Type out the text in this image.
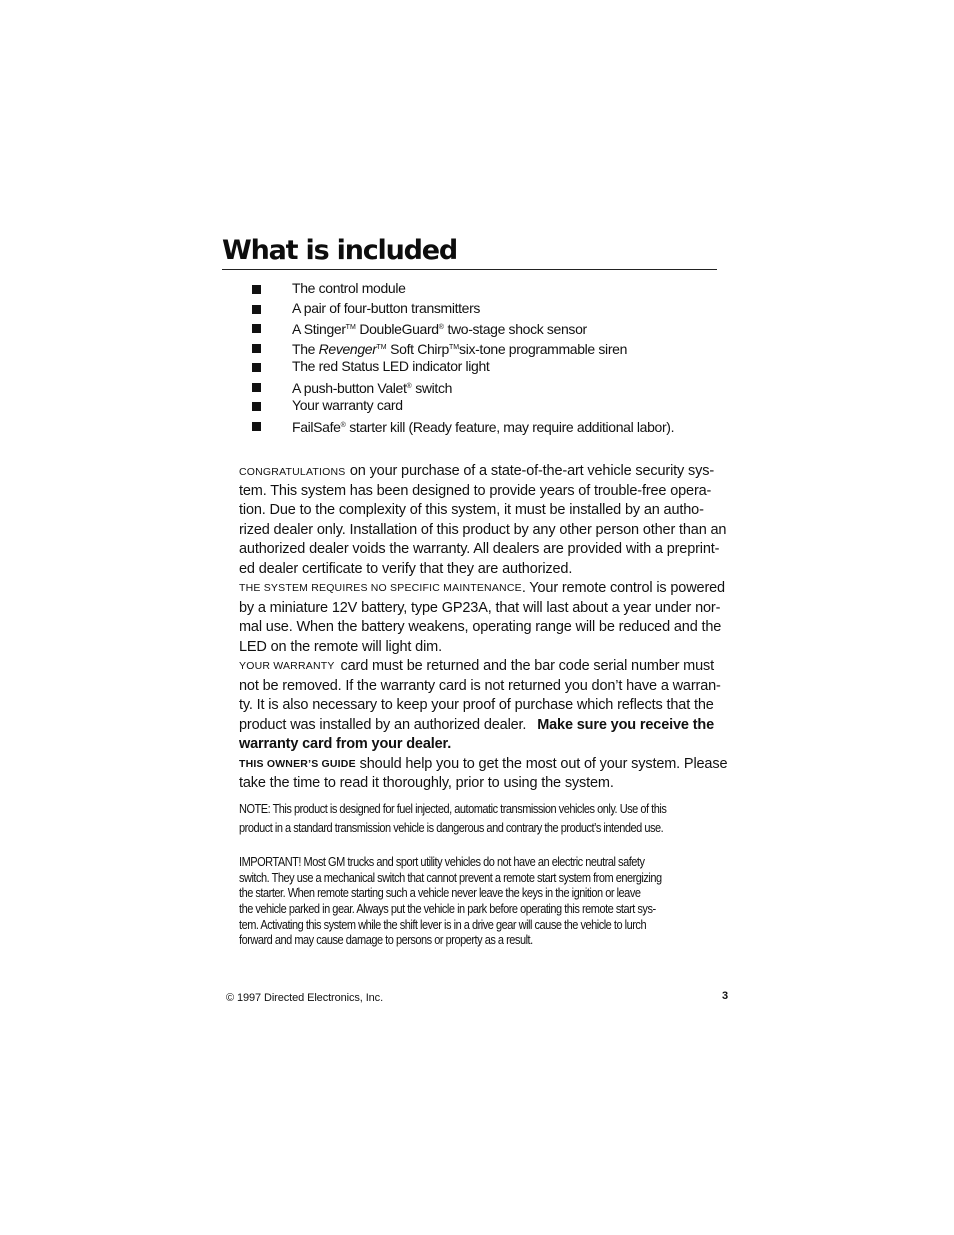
What is included
The control module
A pair of four-button transmitters
A Stinger™ DoubleGuard® two-stage shock sensor
The Revenger™ Soft Chirp™six-tone programmable siren
The red Status LED indicator light
A push-button Valet® switch
Your warranty card
FailSafe® starter kill (Ready feature, may require additional labor).
CONGRATULATIONS on your purchase of a state-of-the-art vehicle security sys-
tem. This system has been designed to provide years of trouble-free opera-
tion. Due to the complexity of this system, it must be installed by an autho-
rized dealer only. Installation of this product by any other person other than an
authorized dealer voids the warranty. All dealers are provided with a preprint-
ed dealer certificate to verify that they are authorized.
THE SYSTEM REQUIRES NO SPECIFIC MAINTENANCE . Your remote control is powered
by a miniature 12V battery, type GP23A, that will last about a year under nor-
mal use. When the battery weakens, operating range will be reduced and the
LED on the remote will light dim.
YOUR WARRANTY card must be returned and the bar code serial number must
not be removed. If the warranty card is not returned you don’t have a warran-
ty. It is also necessary to keep your proof of purchase which reflects that the
product was installed by an authorized dealer. Make sure you receive the
warranty card from your dealer.
THIS OWNER’S GUIDE should help you to get the most out of your system. Please
take the time to read it thoroughly, prior to using the system.
NOTE: This product is designed for fuel injected, automatic transmission vehicles only. Use of this
product in a standard transmission vehicle is dangerous and contrary the product’s intended use.
IMPORTANT! Most GM trucks and sport utility vehicles do not have an electric neutral safety
switch. They use a mechanical switch that cannot prevent a remote start system from energizing
the starter. When remote starting such a vehicle never leave the keys in the ignition or leave
the vehicle parked in gear. Always put the vehicle in park before operating this remote start sys-
tem. Activating this system while the shift lever is in a drive gear will cause the vehicle to lurch
forward and may cause damage to persons or property as a result.
© 1997 Directed Electronics, Inc.	3
